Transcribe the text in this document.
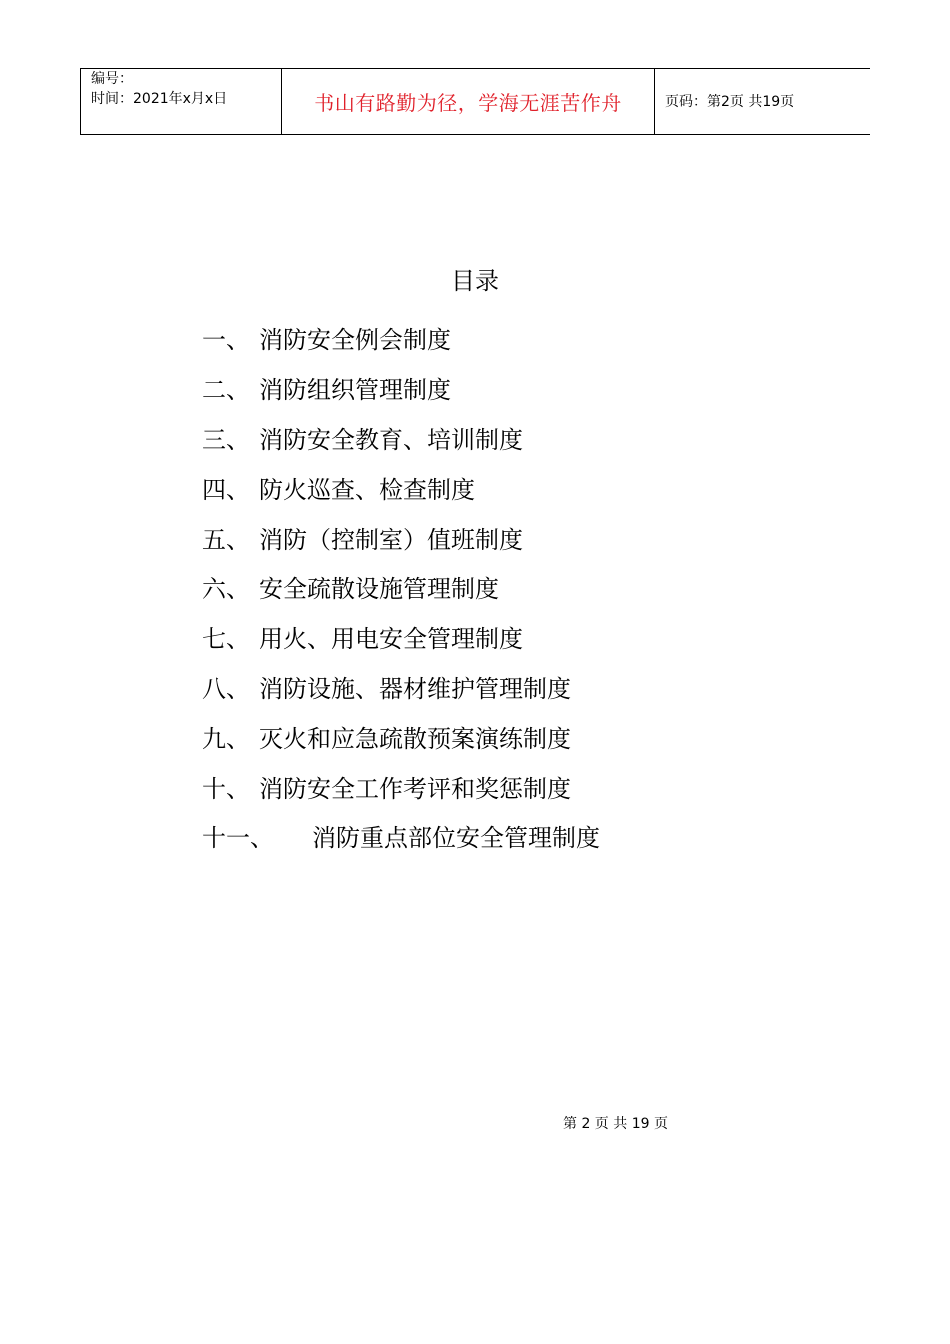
编号：
时间：2021年x月x日	书山有路勤为径，学海无涯苦作舟	页码：第2页 共19页
目录
一、 消防安全例会制度
二、 消防组织管理制度
三、 消防安全教育、培训制度
四、 防火巡查、检查制度
五、 消防（控制室）值班制度
六、 安全疏散设施管理制度
七、 用火、用电安全管理制度
八、 消防设施、器材维护管理制度
九、 灭火和应急疏散预案演练制度
十、 消防安全工作考评和奖惩制度
十一、	消防重点部位安全管理制度
第 2 页 共 19 页
